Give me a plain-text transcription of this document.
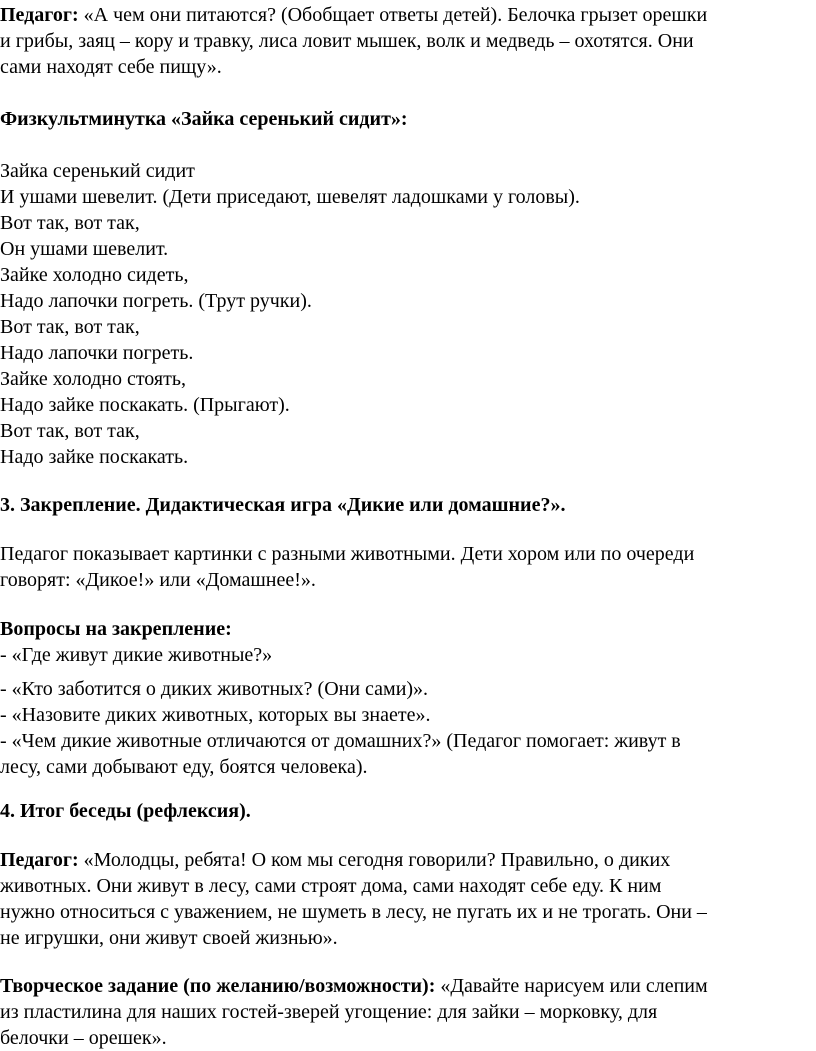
Педагог: «А чем они питаются? (Обобщает ответы детей). Белочка грызет орешки
и грибы, заяц – кору и травку, лиса ловит мышек, волк и медведь – охотятся. Они
сами находят себе пищу».
Физкультминутка «Зайка серенький сидит»:
Зайка серенький сидит
И ушами шевелит. (Дети приседают, шевелят ладошками у головы).
Вот так, вот так,
Он ушами шевелит.
Зайке холодно сидеть,
Надо лапочки погреть. (Трут ручки).
Вот так, вот так,
Надо лапочки погреть.
Зайке холодно стоять,
Надо зайке поскакать. (Прыгают).
Вот так, вот так,
Надо зайке поскакать.
3. Закрепление. Дидактическая игра «Дикие или домашние?».
Педагог показывает картинки с разными животными. Дети хором или по очереди
говорят: «Дикое!» или «Домашнее!».
Вопросы на закрепление:
- «Где живут дикие животные?»
- «Кто заботится о диких животных? (Они сами)».
- «Назовите диких животных, которых вы знаете».
- «Чем дикие животные отличаются от домашних?» (Педагог помогает: живут в
лесу, сами добывают еду, боятся человека).
4. Итог беседы (рефлексия).
Педагог: «Молодцы, ребята! О ком мы сегодня говорили? Правильно, о диких
животных. Они живут в лесу, сами строят дома, сами находят себе еду. К ним
нужно относиться с уважением, не шуметь в лесу, не пугать их и не трогать. Они –
не игрушки, они живут своей жизнью».
Творческое задание (по желанию/возможности): «Давайте нарисуем или слепим
из пластилина для наших гостей-зверей угощение: для зайки – морковку, для
белочки – орешек».
